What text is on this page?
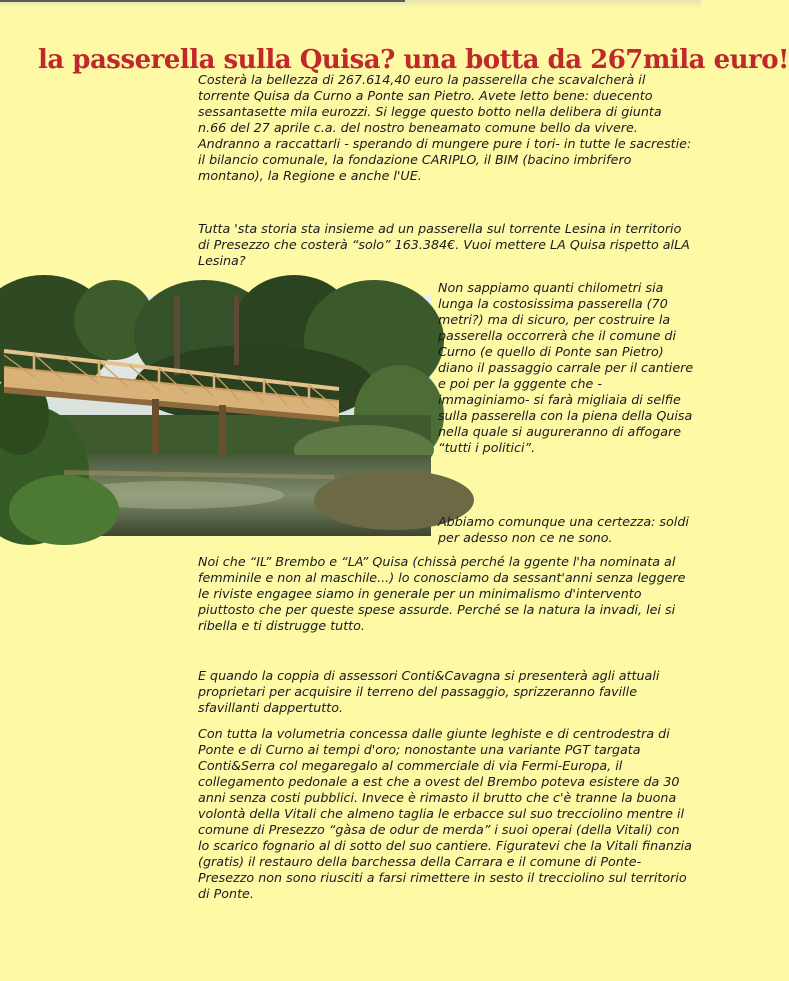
la passerella sulla Quisa? una botta da 267mila euro!

Costerà la bellezza di 267.614,40 euro la passerella che scavalcherà il torrente Quisa da Curno a Ponte san Pietro. Avete letto bene: duecento sessantasette mila eurozzi. Si legge questo botto nella delibera di giunta n.66 del 27 aprile c.a. del nostro beneamato comune bello da vivere. Andranno a raccattarli - sperando di mungere pure i tori- in tutte le sacrestie: il bilancio comunale, la fondazione CARIPLO, il BIM (bacino imbrifero montano), la Regione e anche l'UE.

Tutta 'sta storia sta insieme ad un passerella sul torrente Lesina in territorio di Presezzo che costerà “solo” 163.384€. Vuoi mettere LA Quisa rispetto alLA Lesina?

Non sappiamo quanti chilometri sia lunga la costosissima passerella (70 metri?) ma di sicuro, per costruire la passerella occorrerà che il comune di Curno (e quello di Ponte san Pietro) diano il passaggio carrale per il cantiere e poi per la gggente che - immaginiamo- si farà migliaia di selfie sulla passerella con la piena della Quisa nella quale si augureranno di affogare “tutti i politici”.

Abbiamo comunque una certezza: soldi per adesso non ce ne sono.

Noi che “IL” Brembo e “LA” Quisa (chissà perché la ggente l'ha nominata al femminile e non al maschile...) lo conosciamo da sessant'anni senza leggere le riviste engagee siamo in generale per un minimalismo d'intervento piuttosto che per queste spese assurde. Perché se la natura la invadi, lei si ribella e ti distrugge tutto.

E quando la coppia di assessori Conti&Cavagna si presenterà agli attuali proprietari per acquisire il terreno del passaggio, sprizzeranno faville sfavillanti dappertutto.

Con tutta la volumetria concessa dalle giunte leghiste e di centrodestra di Ponte e di Curno ai tempi d'oro; nonostante una variante PGT targata Conti&Serra col megaregalo al commerciale di via Fermi-Europa, il collegamento pedonale a est che a ovest del Brembo poteva esistere da 30 anni senza costi pubblici. Invece è rimasto il brutto che c'è tranne la buona volontà della Vitali che almeno taglia le erbacce sul suo trecciolino mentre il comune di Presezzo “gàsa de odur de merda” i suoi operai (della Vitali) con lo scarico fognario al di sotto del suo cantiere. Figuratevi che la Vitali finanzia (gratis) il restauro della barchessa della Carrara e il comune di Ponte-Presezzo non sono riusciti a farsi rimettere in sesto il trecciolino sul territorio di Ponte.
